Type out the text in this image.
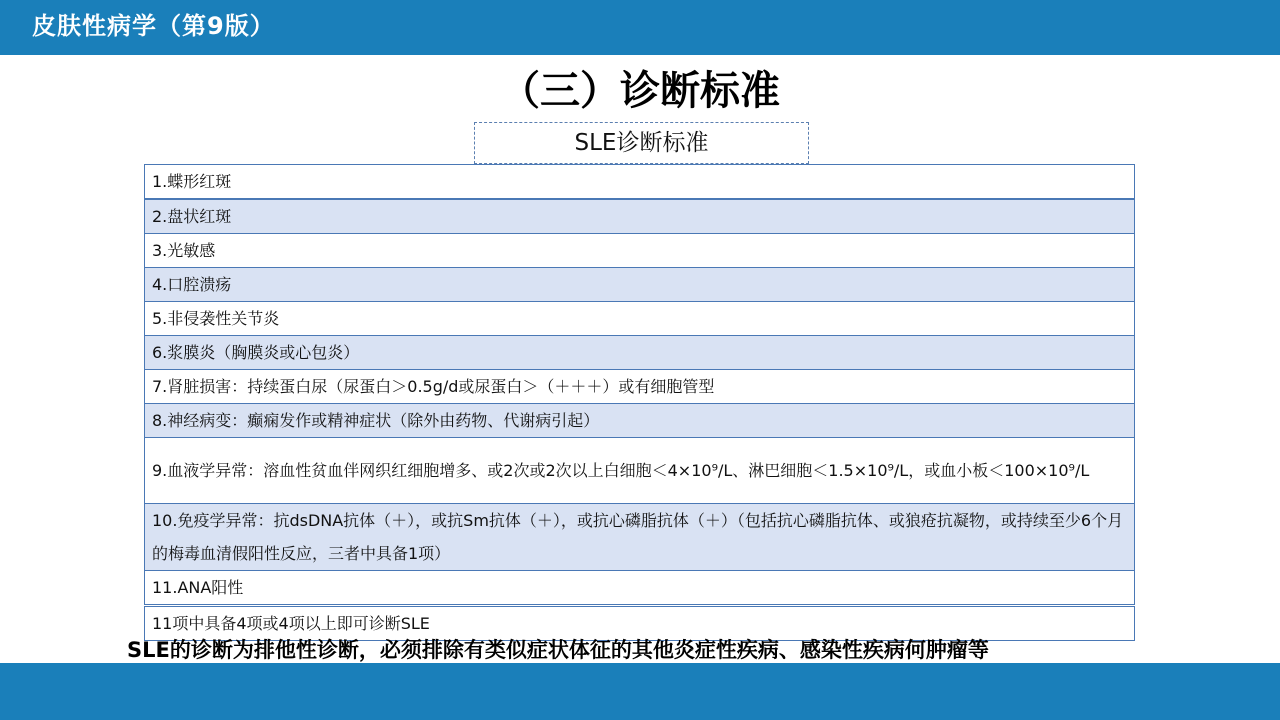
皮肤性病学（第9版）
（三）诊断标准
SLE诊断标准
1.蝶形红斑
2.盘状红斑
3.光敏感
4.口腔溃疡
5.非侵袭性关节炎
6.浆膜炎（胸膜炎或心包炎）
7.肾脏损害：持续蛋白尿（尿蛋白＞0.5g/d或尿蛋白＞（＋＋＋）或有细胞管型
8.神经病变：癫痫发作或精神症状（除外由药物、代谢病引起）
9.血液学异常：溶血性贫血伴网织红细胞增多、或2次或2次以上白细胞＜4×10⁹/L、淋巴细胞＜1.5×10⁹/L，或血小板＜100×10⁹/L
10.免疫学异常：抗dsDNA抗体（＋），或抗Sm抗体（＋），或抗心磷脂抗体（＋）（包括抗心磷脂抗体、或狼疮抗凝物，或持续至少6个月的梅毒血清假阳性反应，三者中具备1项）
11.ANA阳性
11项中具备4项或4项以上即可诊断SLE
SLE的诊断为排他性诊断，必须排除有类似症状体征的其他炎症性疾病、感染性疾病何肿瘤等
